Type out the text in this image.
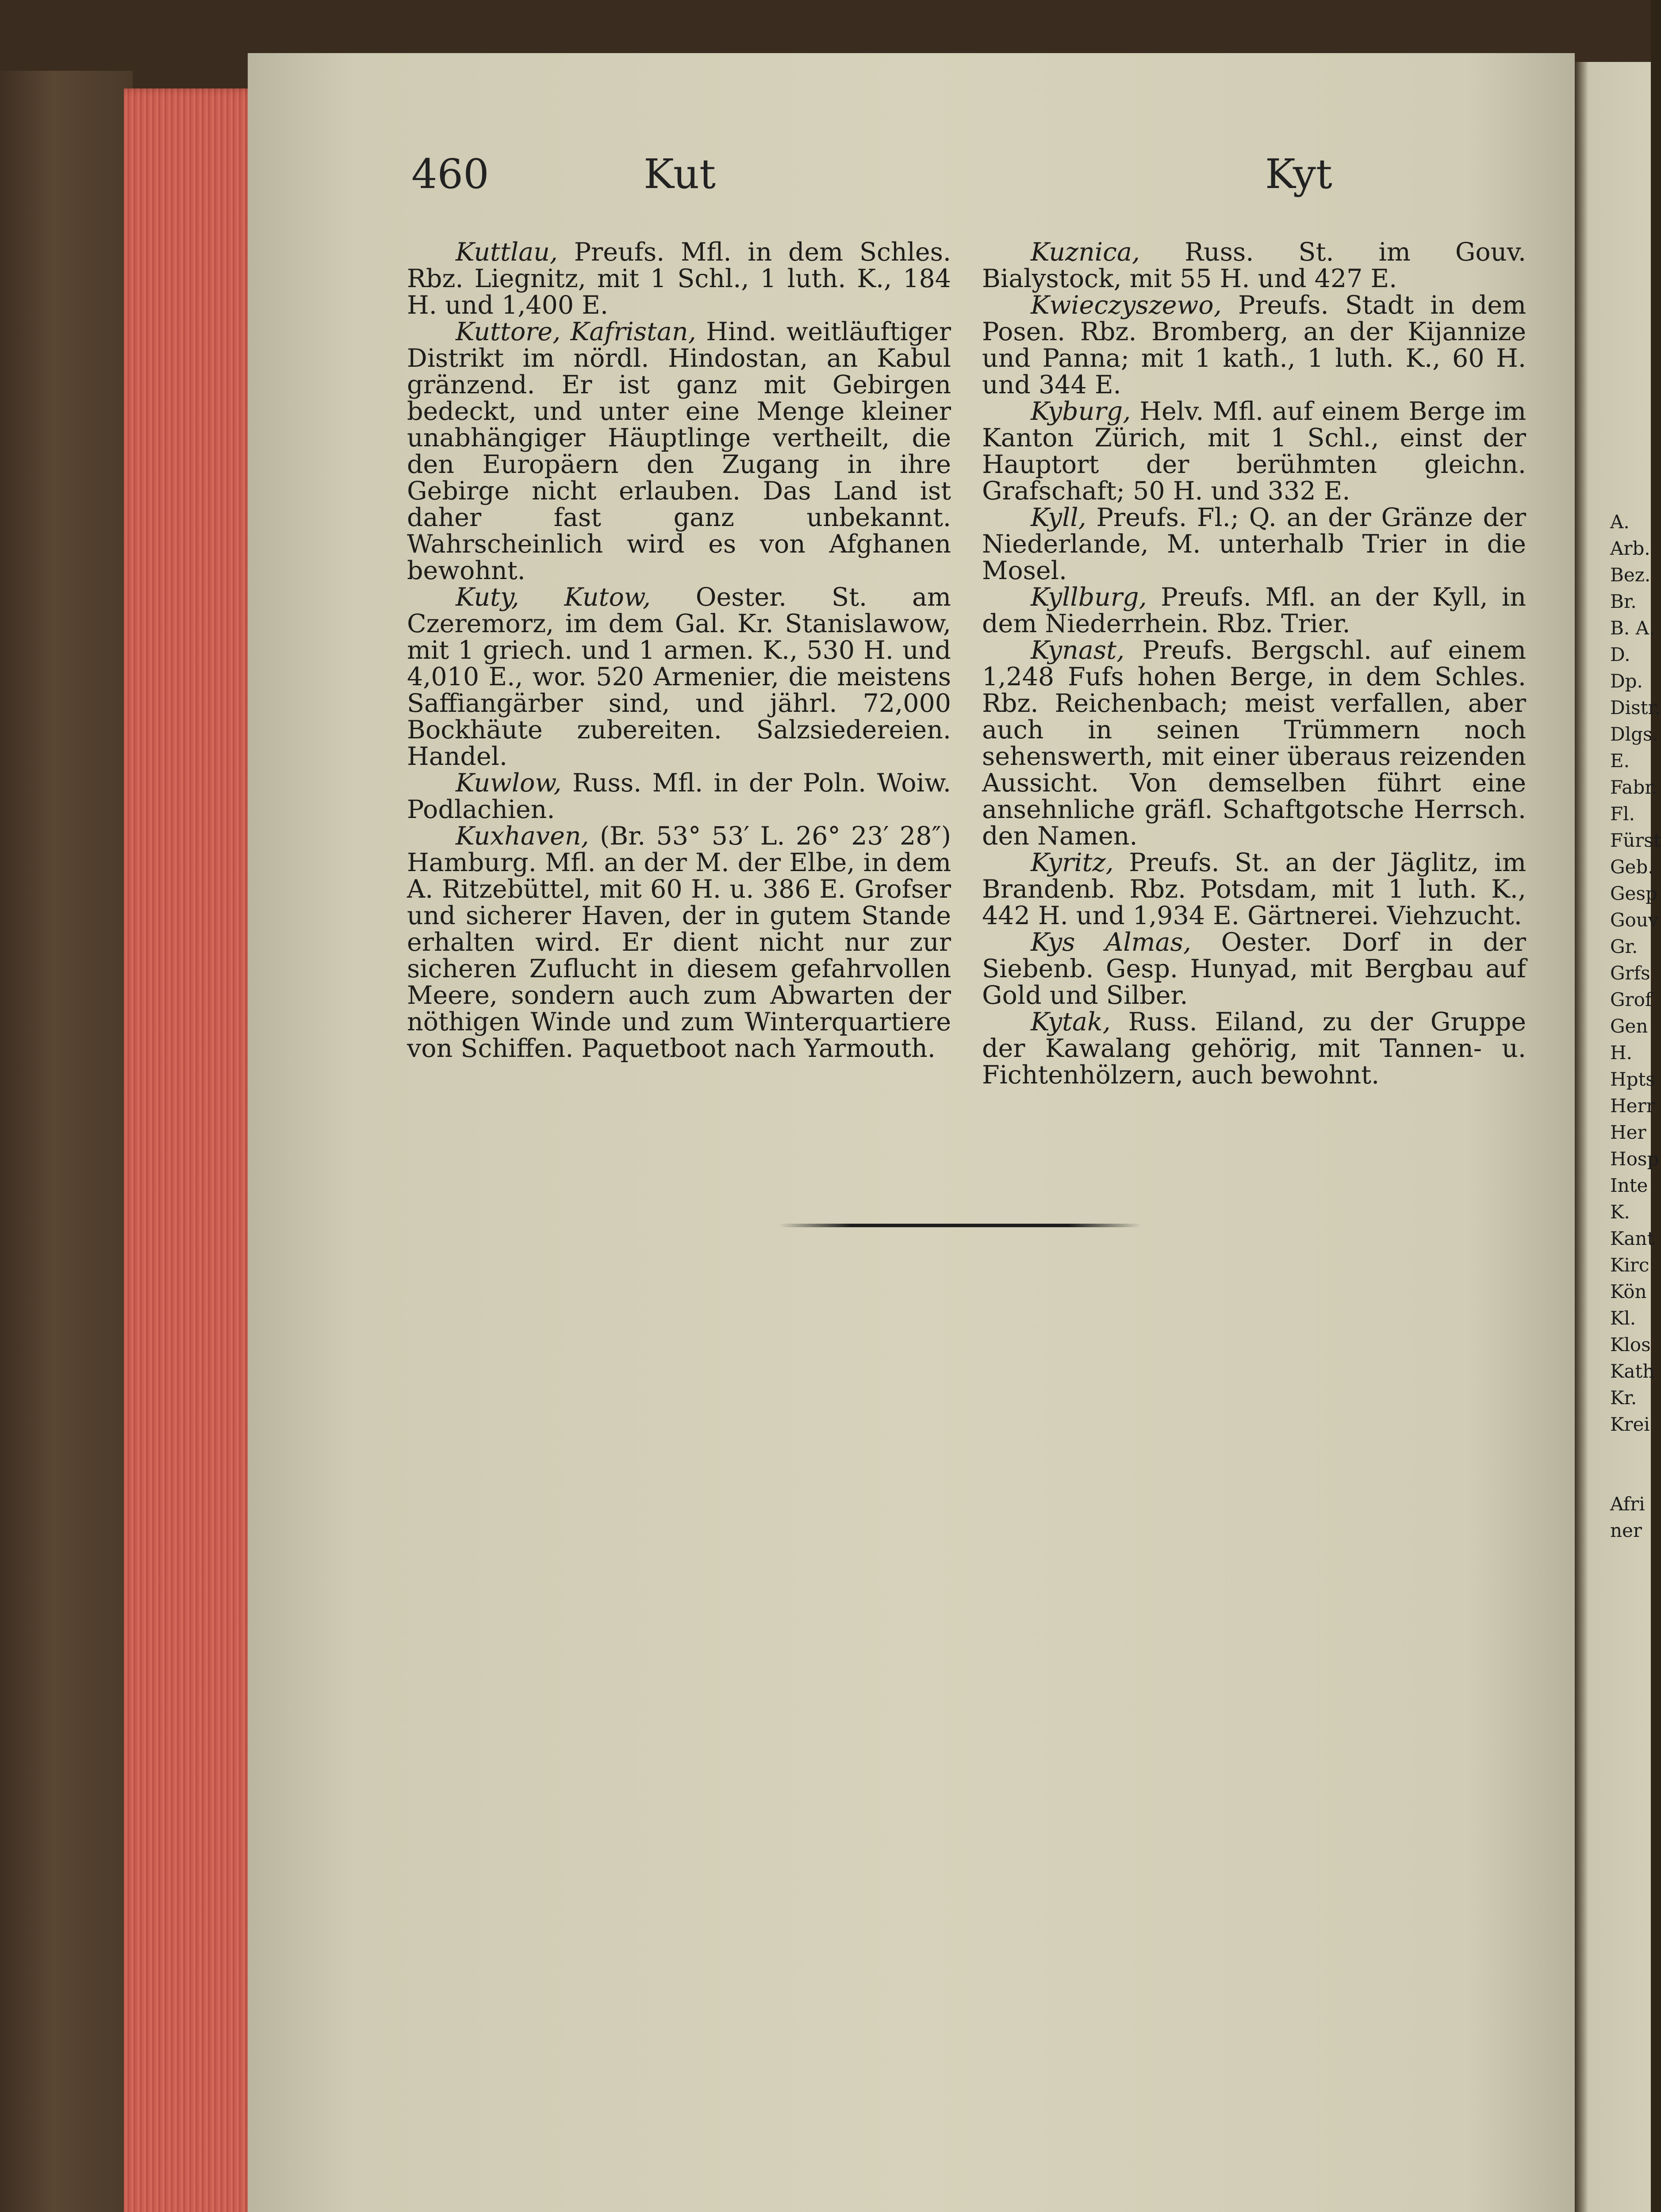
460	Kut	Kyt

Kuttlau, Preufs. Mfl. in dem Schles. Rbz. Liegnitz, mit 1 Schl., 1 luth. K., 184 H. und 1,400 E.

Kuttore, Kafristan, Hind. weitläuftiger Distrikt im nördl. Hindostan, an Kabul gränzend. Er ist ganz mit Gebirgen bedeckt, und unter eine Menge kleiner unabhängiger Häuptlinge vertheilt, die den Europäern den Zugang in ihre Gebirge nicht erlauben. Das Land ist daher fast ganz unbekannt. Wahrscheinlich wird es von Afghanen bewohnt.

Kuty, Kutow, Oester. St. am Czeremorz, im dem Gal. Kr. Stanislawow, mit 1 griech. und 1 armen. K., 530 H. und 4,010 E., wor. 520 Armenier, die meistens Saffiangärber sind, und jährl. 72,000 Bockhäute zubereiten. Salzsiedereien. Handel.

Kuwlow, Russ. Mfl. in der Poln. Woiw. Podlachien.

Kuxhaven, (Br. 53° 53′ L. 26° 23′ 28″) Hamburg. Mfl. an der M. der Elbe, in dem A. Ritzebüttel, mit 60 H. u. 386 E. Grofser und sicherer Haven, der in gutem Stande erhalten wird. Er dient nicht nur zur sicheren Zuflucht in diesem gefahrvollen Meere, sondern auch zum Abwarten der nöthigen Winde und zum Winterquartiere von Schiffen. Paquetboot nach Yarmouth.

Kuznica, Russ. St. im Gouv. Bialystock, mit 55 H. und 427 E.

Kwieczyszewo, Preufs. Stadt in dem Posen. Rbz. Bromberg, an der Kijannize und Panna; mit 1 kath., 1 luth. K., 60 H. und 344 E.

Kyburg, Helv. Mfl. auf einem Berge im Kanton Zürich, mit 1 Schl., einst der Hauptort der berühmten gleichn. Grafschaft; 50 H. und 332 E.

Kyll, Preufs. Fl.; Q. an der Gränze der Niederlande, M. unterhalb Trier in die Mosel.

Kyllburg, Preufs. Mfl. an der Kyll, in dem Niederrhein. Rbz. Trier.

Kynast, Preufs. Bergschl. auf einem 1,248 Fufs hohen Berge, in dem Schles. Rbz. Reichenbach; meist verfallen, aber auch in seinen Trümmern noch sehenswerth, mit einer überaus reizenden Aussicht. Von demselben führt eine ansehnliche gräfl. Schaftgotsche Herrsch. den Namen.

Kyritz, Preufs. St. an der Jäglitz, im Brandenb. Rbz. Potsdam, mit 1 luth. K., 442 H. und 1,934 E. Gärtnerei. Viehzucht.

Kys Almas, Oester. Dorf in der Siebenb. Gesp. Hunyad, mit Bergbau auf Gold und Silber.

Kytak, Russ. Eiland, zu der Gruppe der Kawalang gehörig, mit Tannen- u. Fichtenhölzern, auch bewohnt.

A.
Arb.
Bez.
Br.
B. A.
D.
Dp.
Distr.
Dlgs.
E.
Fabr.
Fl.
Fürst
Geb.
Gesp
Gouv
Gr.
Grfs
Grof
Gen
H.
Hpts
Herr
Her
Hosp
Inte
K.
Kant
Kirc
Kön
Kl.
Klos
Kath
Kr.
Krei
Afri
ner
